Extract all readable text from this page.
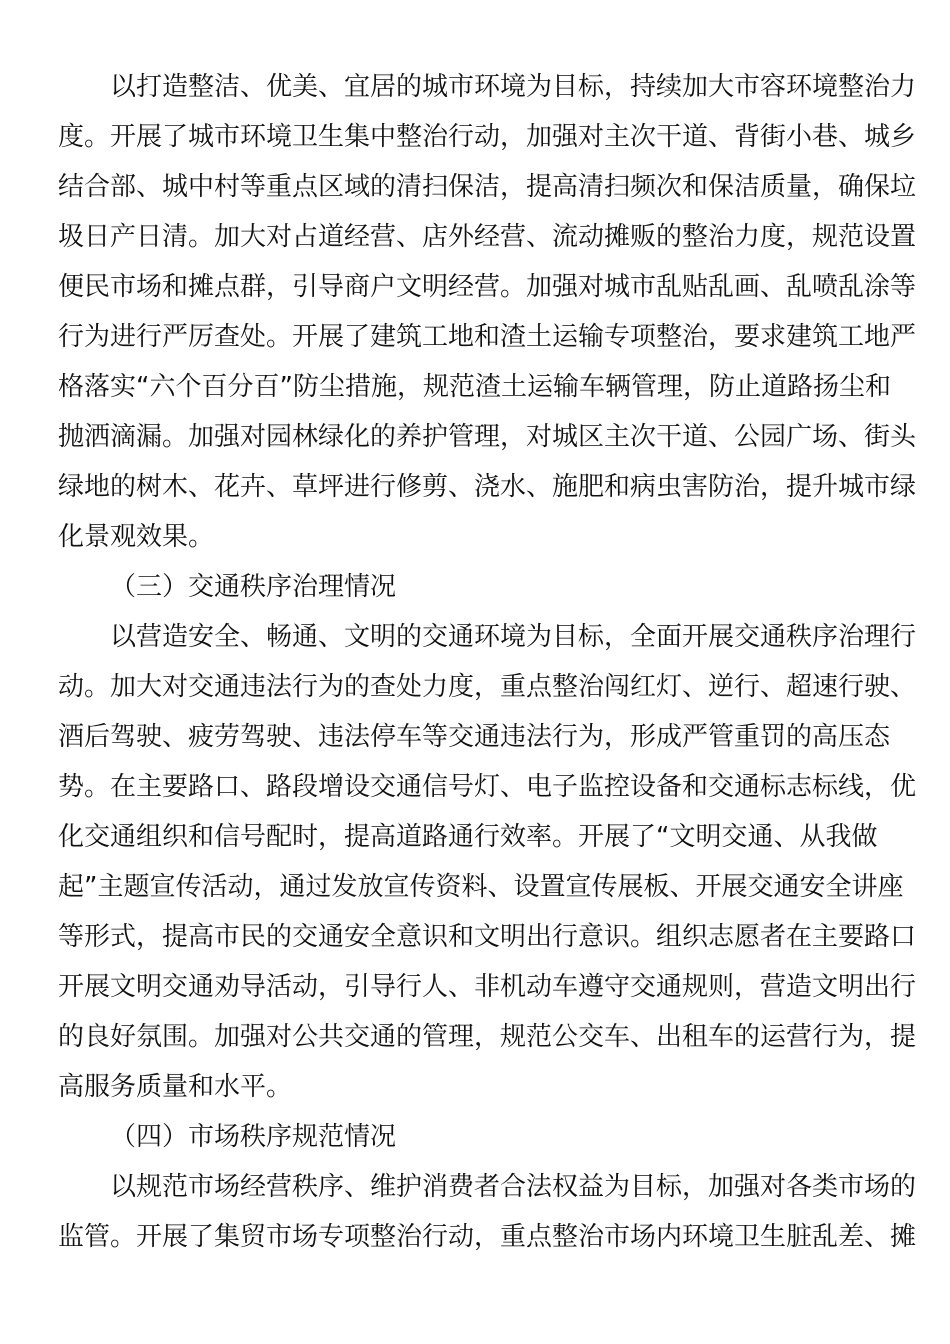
以打造整洁、优美、宜居的城市环境为目标，持续加大市容环境整治力
度。开展了城市环境卫生集中整治行动，加强对主次干道、背街小巷、城乡
结合部、城中村等重点区域的清扫保洁，提高清扫频次和保洁质量，确保垃
圾日产日清。加大对占道经营、店外经营、流动摊贩的整治力度，规范设置
便民市场和摊点群，引导商户文明经营。加强对城市乱贴乱画、乱喷乱涂等
行为进行严厉查处。开展了建筑工地和渣土运输专项整治，要求建筑工地严
格落实“六个百分百”防尘措施，规范渣土运输车辆管理，防止道路扬尘和
抛洒滴漏。加强对园林绿化的养护管理，对城区主次干道、公园广场、街头
绿地的树木、花卉、草坪进行修剪、浇水、施肥和病虫害防治，提升城市绿
化景观效果。
（三）交通秩序治理情况
以营造安全、畅通、文明的交通环境为目标，全面开展交通秩序治理行
动。加大对交通违法行为的查处力度，重点整治闯红灯、逆行、超速行驶、
酒后驾驶、疲劳驾驶、违法停车等交通违法行为，形成严管重罚的高压态
势。在主要路口、路段增设交通信号灯、电子监控设备和交通标志标线，优
化交通组织和信号配时，提高道路通行效率。开展了“文明交通、从我做
起”主题宣传活动，通过发放宣传资料、设置宣传展板、开展交通安全讲座
等形式，提高市民的交通安全意识和文明出行意识。组织志愿者在主要路口
开展文明交通劝导活动，引导行人、非机动车遵守交通规则，营造文明出行
的良好氛围。加强对公共交通的管理，规范公交车、出租车的运营行为，提
高服务质量和水平。
（四）市场秩序规范情况
以规范市场经营秩序、维护消费者合法权益为目标，加强对各类市场的
监管。开展了集贸市场专项整治行动，重点整治市场内环境卫生脏乱差、摊
